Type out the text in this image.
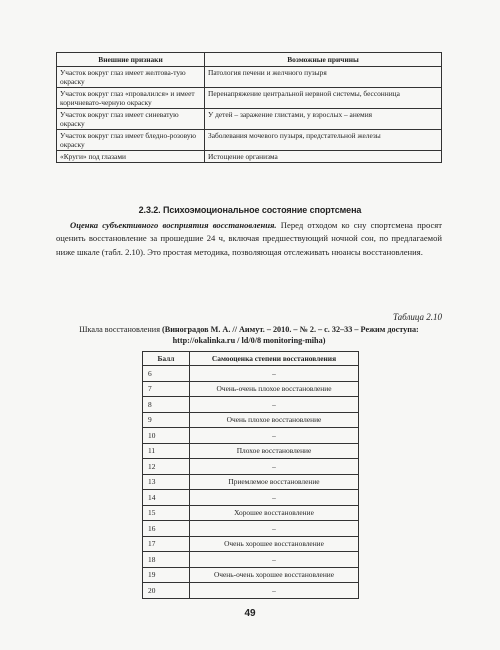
Внешние признаки	Возможные причины
Участок вокруг глаз имеет желтова-тую окраску	Патология печени и желчного пузыря
Участок вокруг глаз «провалился» и имеет коричневато-черную окраску	Перенапряжение центральной нервной системы, бессонница
Участок вокруг глаз имеет синеватую окраску	У детей – заражение глистами, у взрослых – анемия
Участок вокруг глаз имеет бледно-розовую окраску	Заболевания мочевого пузыря, предстательной железы
«Круги» под глазами	Истощение организма
2.3.2. Психоэмоциональное состояние спортсмена
Оценка субъективного восприятия восстановления. Перед отходом ко сну спортсмена просят оценить восстановление за прошедшие 24 ч, включая предшествующий ночной сон, по предлагаемой ниже шкале (табл. 2.10). Это простая методика, позволяющая отслеживать нюансы восстановления.
Таблица 2.10
Шкала восстановления (Виноградов М. А. // Аимут. – 2010. – № 2. – с. 32–33 – Режим доступа: http://okalinka.ru / ld/0/8 monitoring-miha)
Балл	Самооценка степени восстановления
6	–
7	Очень-очень плохое восстановление
8	–
9	Очень плохое восстановление
10	–
11	Плохое восстановление
12	–
13	Приемлемое восстановление
14	–
15	Хорошее восстановление
16	–
17	Очень хорошее восстановление
18	–
19	Очень-очень хорошее восстановление
20	–
49
